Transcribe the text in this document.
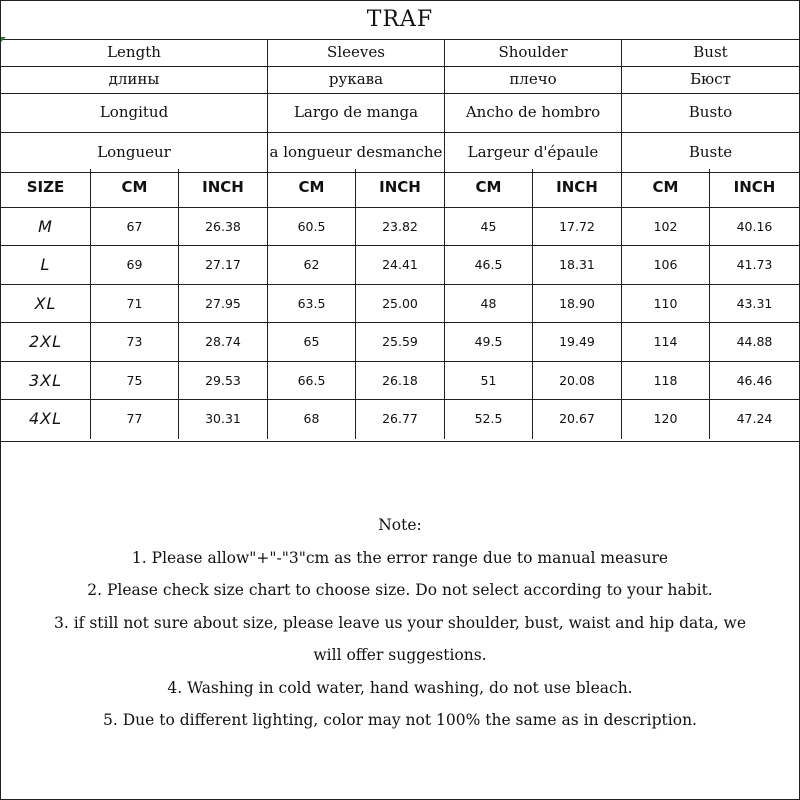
TRAF
Length	Sleeves	Shoulder	Bust
длины	рукава	плечо	Бюст
Longitud	Largo de manga	Ancho de hombro	Busto
Longueur	a longueur desmanche	Largeur d'épaule	Buste
SIZE	CM	INCH	CM	INCH	CM	INCH	CM	INCH
M	67	26.38	60.5	23.82	45	17.72	102	40.16
L	69	27.17	62	24.41	46.5	18.31	106	41.73
XL	71	27.95	63.5	25.00	48	18.90	110	43.31
2XL	73	28.74	65	25.59	49.5	19.49	114	44.88
3XL	75	29.53	66.5	26.18	51	20.08	118	46.46
4XL	77	30.31	68	26.77	52.5	20.67	120	47.24

Note:

1. Please allow"+"-"3"cm as the error range due to manual measure

2. Please check size chart to choose size. Do not select according to your habit.

3. if still not sure about size, please leave us your shoulder, bust, waist and hip data, we

will offer suggestions.

4. Washing in cold water, hand washing, do not use bleach.

5. Due to different lighting, color may not 100% the same as in description.
